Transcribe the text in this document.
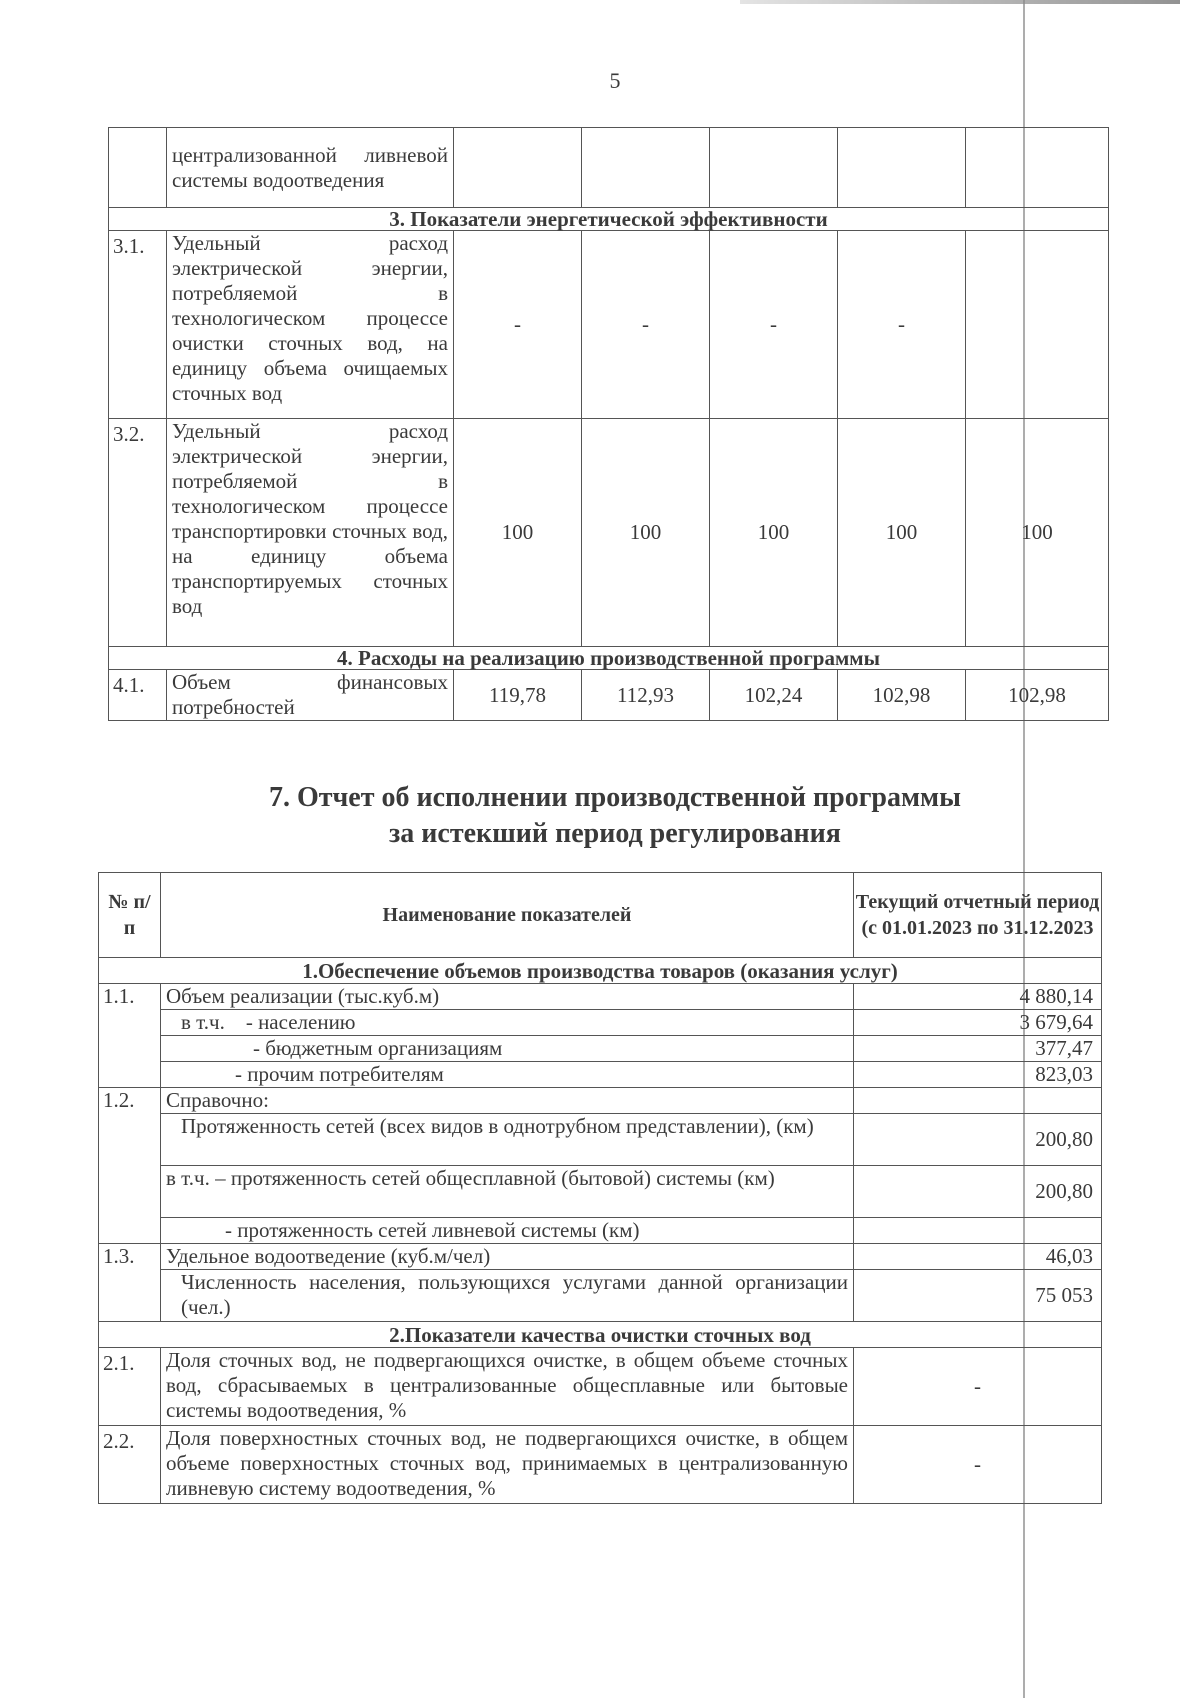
5
	централизованной ливневой системы водоотведения					
3. Показатели энергетической эффективности						
3.1.	Удельный расход электрической энергии, потребляемой в технологическом процессе очистки сточных вод, на единицу объема очищаемых сточных вод	-	-	-	-	
3.2.	Удельный расход электрической энергии, потребляемой в технологическом процессе транспортировки сточных вод, на единицу объема транспортируемых сточных вод	100	100	100	100	100
4. Расходы на реализацию производственной программы						
4.1.	Объем финансовых потребностей	119,78	112,93	102,24	102,98	102,98
7. Отчет об исполнении производственной программы
за истекший период регулирования
№ п/п	Наименование показателей	Текущий отчетный период (с 01.01.2023 по 31.12.2023
1.Обеспечение объемов производства товаров (оказания услуг)		
1.1.	Объем реализации (тыс.куб.м)	4 880,14
	в т.ч.    - населению	3 679,64
	- бюджетным организациям	377,47
	- прочим потребителям	823,03
1.2.	Справочно:	
	Протяженность сетей (всех видов в однотрубном представлении), (км)	200,80
	в т.ч. – протяженность сетей общесплавной (бытовой) системы (км)	200,80
	- протяженность сетей ливневой системы (км)	
1.3.	Удельное водоотведение (куб.м/чел)	46,03
	Численность населения, пользующихся услугами данной организации (чел.)	75 053
2.Показатели качества очистки сточных вод		
2.1.	Доля сточных вод, не подвергающихся очистке, в общем объеме сточных вод, сбрасываемых в централизованные общесплавные или бытовые системы водоотведения, %	-
2.2.	Доля поверхностных сточных вод, не подвергающихся очистке, в общем объеме поверхностных сточных вод, принимаемых в централизованную ливневую систему водоотведения, %	-
